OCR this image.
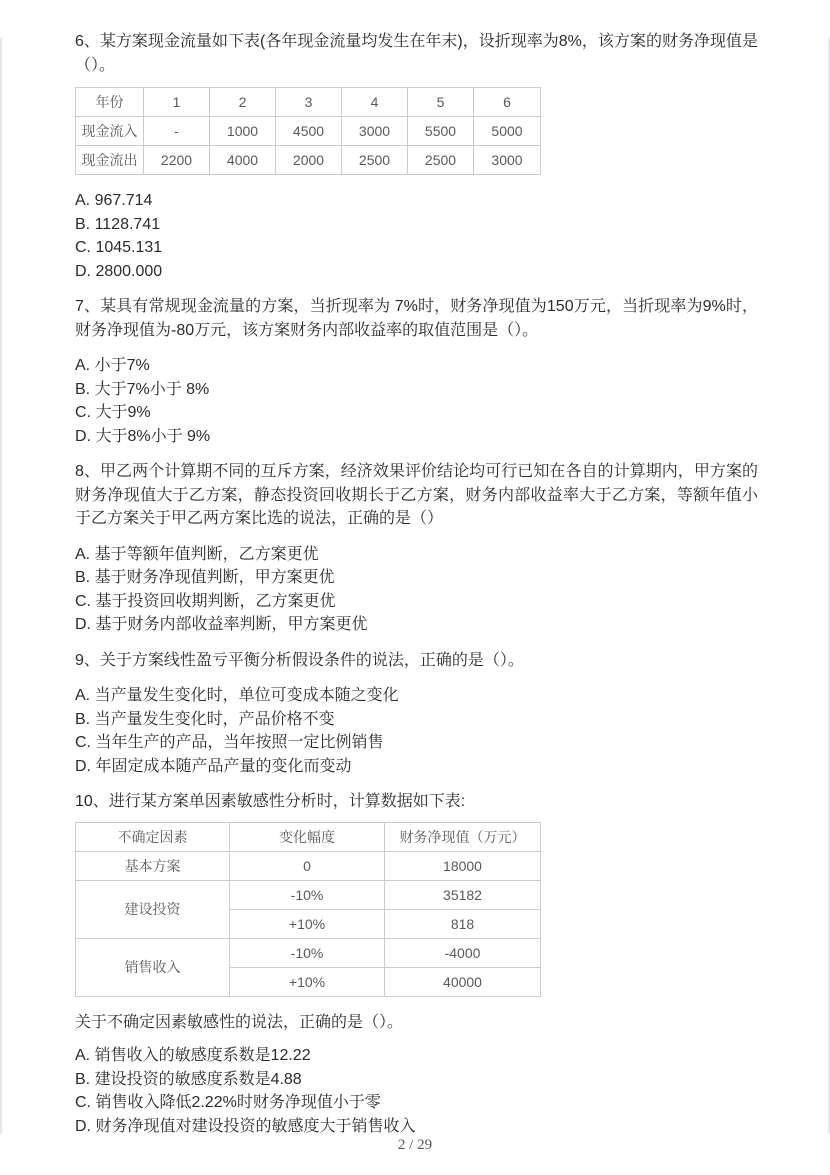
6、某方案现金流量如下表(各年现金流量均发生在年末)，设折现率为8%，该方案的财务净现值是（）。
年份	1	2	3	4	5	6
现金流入	-	1000	4500	3000	5500	5000
现金流出	2200	4000	2000	2500	2500	3000
A. 967.714
B. 1128.741
C. 1045.131
D. 2800.000
7、某具有常规现金流量的方案，当折现率为 7%时，财务净现值为150万元，当折现率为9%时，财务净现值为-80万元，该方案财务内部收益率的取值范围是（）。
A. 小于7%
B. 大于7%小于 8%
C. 大于9%
D. 大于8%小于 9%
8、甲乙两个计算期不同的互斥方案，经济效果评价结论均可行已知在各自的计算期内，甲方案的财务净现值大于乙方案，静态投资回收期长于乙方案，财务内部收益率大于乙方案，等额年值小于乙方案关于甲乙两方案比选的说法，正确的是（）
A. 基于等额年值判断，乙方案更优
B. 基于财务净现值判断，甲方案更优
C. 基于投资回收期判断，乙方案更优
D. 基于财务内部收益率判断，甲方案更优
9、关于方案线性盈亏平衡分析假设条件的说法，正确的是（）。
A. 当产量发生变化时，单位可变成本随之变化
B. 当产量发生变化时，产品价格不变
C. 当年生产的产品，当年按照一定比例销售
D. 年固定成本随产品产量的变化而变动
10、进行某方案单因素敏感性分析时，计算数据如下表:
不确定因素	变化幅度	财务净现值（万元）
基本方案	0	18000
建设投资	-10%	35182
	+10%	818
销售收入	-10%	-4000
	+10%	40000
关于不确定因素敏感性的说法，正确的是（）。
A. 销售收入的敏感度系数是12.22
B. 建设投资的敏感度系数是4.88
C. 销售收入降低2.22%时财务净现值小于零
D. 财务净现值对建设投资的敏感度大于销售收入
2 / 29
